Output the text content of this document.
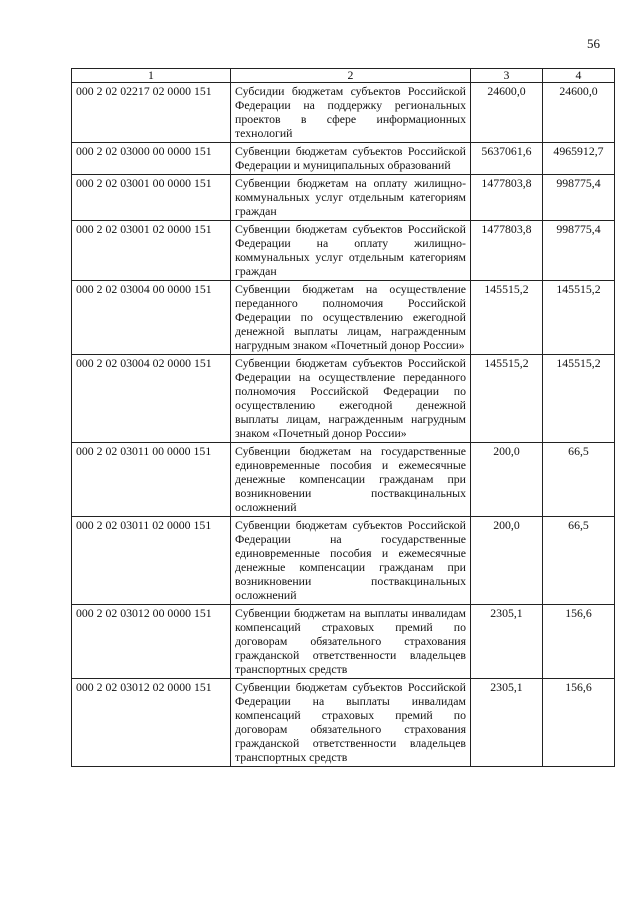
56
1	2	3	4
000 2 02 02217 02 0000 151	Субсидии бюджетам субъектов Российской Федерации на поддержку региональных проектов в сфере информационных технологий	24600,0	24600,0
000 2 02 03000 00 0000 151	Субвенции бюджетам субъектов Российской Федерации и муниципальных образований	5637061,6	4965912,7
000 2 02 03001 00 0000 151	Субвенции бюджетам на оплату жилищно-коммунальных услуг отдельным категориям граждан	1477803,8	998775,4
000 2 02 03001 02 0000 151	Субвенции бюджетам субъектов Российской Федерации на оплату жилищно-коммунальных услуг отдельным категориям граждан	1477803,8	998775,4
000 2 02 03004 00 0000 151	Субвенции бюджетам на осуществление переданного полномочия Российской Федерации по осуществлению ежегодной денежной выплаты лицам, награжденным нагрудным знаком «Почетный донор России»	145515,2	145515,2
000 2 02 03004 02 0000 151	Субвенции бюджетам субъектов Российской Федерации на осуществление переданного полномочия Российской Федерации по осуществлению ежегодной денежной выплаты лицам, награжденным нагрудным знаком «Почетный донор России»	145515,2	145515,2
000 2 02 03011 00 0000 151	Субвенции бюджетам на государственные единовременные пособия и ежемесячные денежные компенсации гражданам при возникновении поствакцинальных осложнений	200,0	66,5
000 2 02 03011 02 0000 151	Субвенции бюджетам субъектов Российской Федерации на государственные единовременные пособия и ежемесячные денежные компенсации гражданам при возникновении поствакцинальных осложнений	200,0	66,5
000 2 02 03012 00 0000 151	Субвенции бюджетам на выплаты инвалидам компенсаций страховых премий по договорам обязательного страхования гражданской ответственности владельцев транспортных средств	2305,1	156,6
000 2 02 03012 02 0000 151	Субвенции бюджетам субъектов Российской Федерации на выплаты инвалидам компенсаций страховых премий по договорам обязательного страхования гражданской ответственности владельцев транспортных средств	2305,1	156,6
